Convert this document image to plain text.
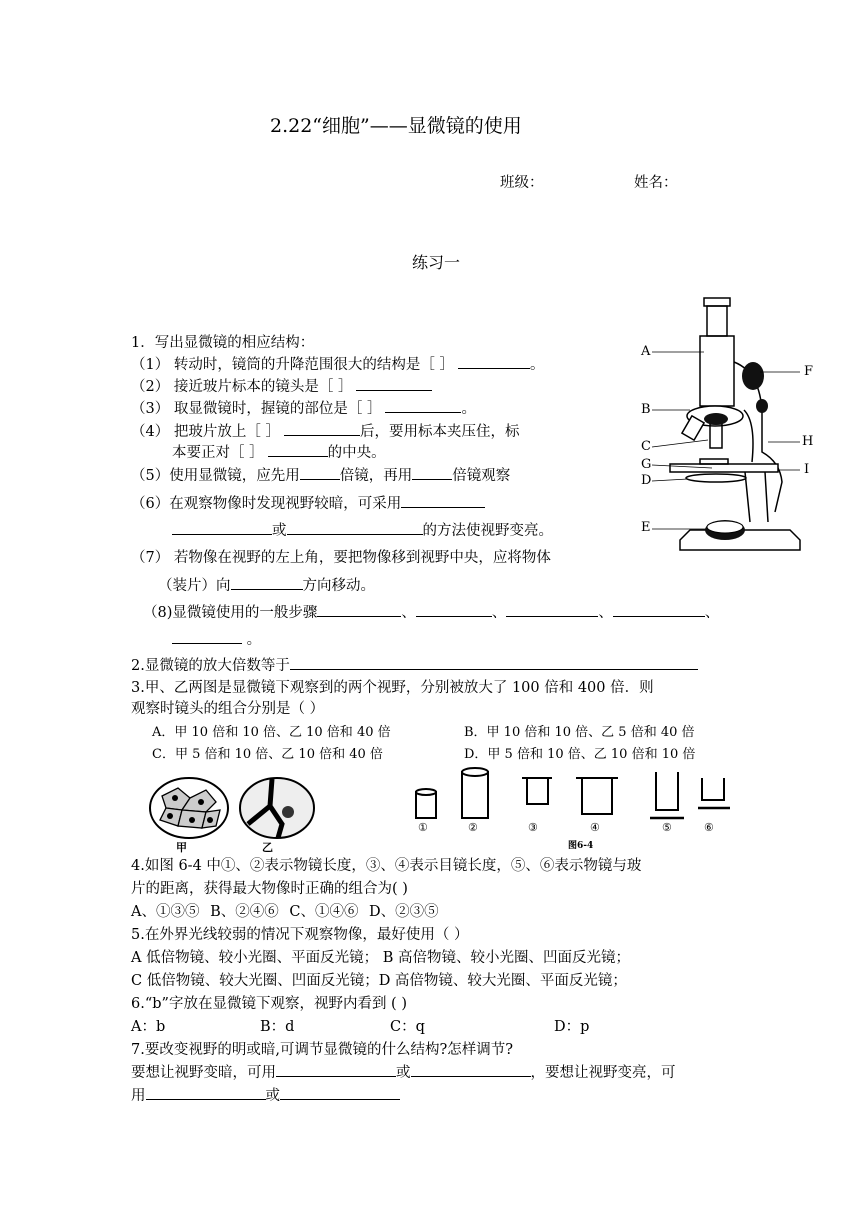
2.22“细胞”——显微镜的使用
班级：	姓名：
练习一
1．写出显微镜的相应结构：
（1） 转动时，镜筒的升降范围很大的结构是［ ］	。
（2） 接近玻片标本的镜头是［ ］
（3） 取显微镜时，握镜的部位是［ ］	。
（4） 把玻片放上［ ］	后，要用标本夹压住，标
本要正对［ ］	的中央。
（5）使用显微镜，应先用	倍镜，再用	倍镜观察
（6）在观察物像时发现视野较暗，可采用
或	的方法使视野变亮。
（7） 若物像在视野的左上角，要把物像移到视野中央，应将物体
（装片）向	方向移动。
（8)显微镜使用的一般步骤	、	、	、	、
。
A
B
C
G
D
E
F
H
I
2.显微镜的放大倍数等于
3.甲、乙两图是显微镜下观察到的两个视野，分别被放大了 100 倍和 400 倍．则
观察时镜头的组合分别是（ ）
A．甲 10 倍和 10 倍、乙 10 倍和 40 倍	B．甲 10 倍和 10 倍、乙 5 倍和 40 倍
C．甲 5 倍和 10 倍、乙 10 倍和 40 倍	D．甲 5 倍和 10 倍、乙 10 倍和 10 倍
甲	乙
①	②	③	④	⑤	⑥
图6-4
4.如图 6-4 中①、②表示物镜长度，③、④表示目镜长度，⑤、⑥表示物镜与玻
片的距离，获得最大物像时正确的组合为( )
A、①③⑤ B、②④⑥ C、①④⑥ D、②③⑤
5.在外界光线较弱的情况下观察物像，最好使用（ ）
A 低倍物镜、较小光圈、平面反光镜； B 高倍物镜、较小光圈、凹面反光镜；
C 低倍物镜、较大光圈、凹面反光镜；D 高倍物镜、较大光圈、平面反光镜；
6.“b”字放在显微镜下观察，视野内看到 ( )
A：b	B：d	C：q	D：p
7.要改变视野的明或暗,可调节显微镜的什么结构?怎样调节?
要想让视野变暗，可用	或	，要想让视野变亮，可
用	或
